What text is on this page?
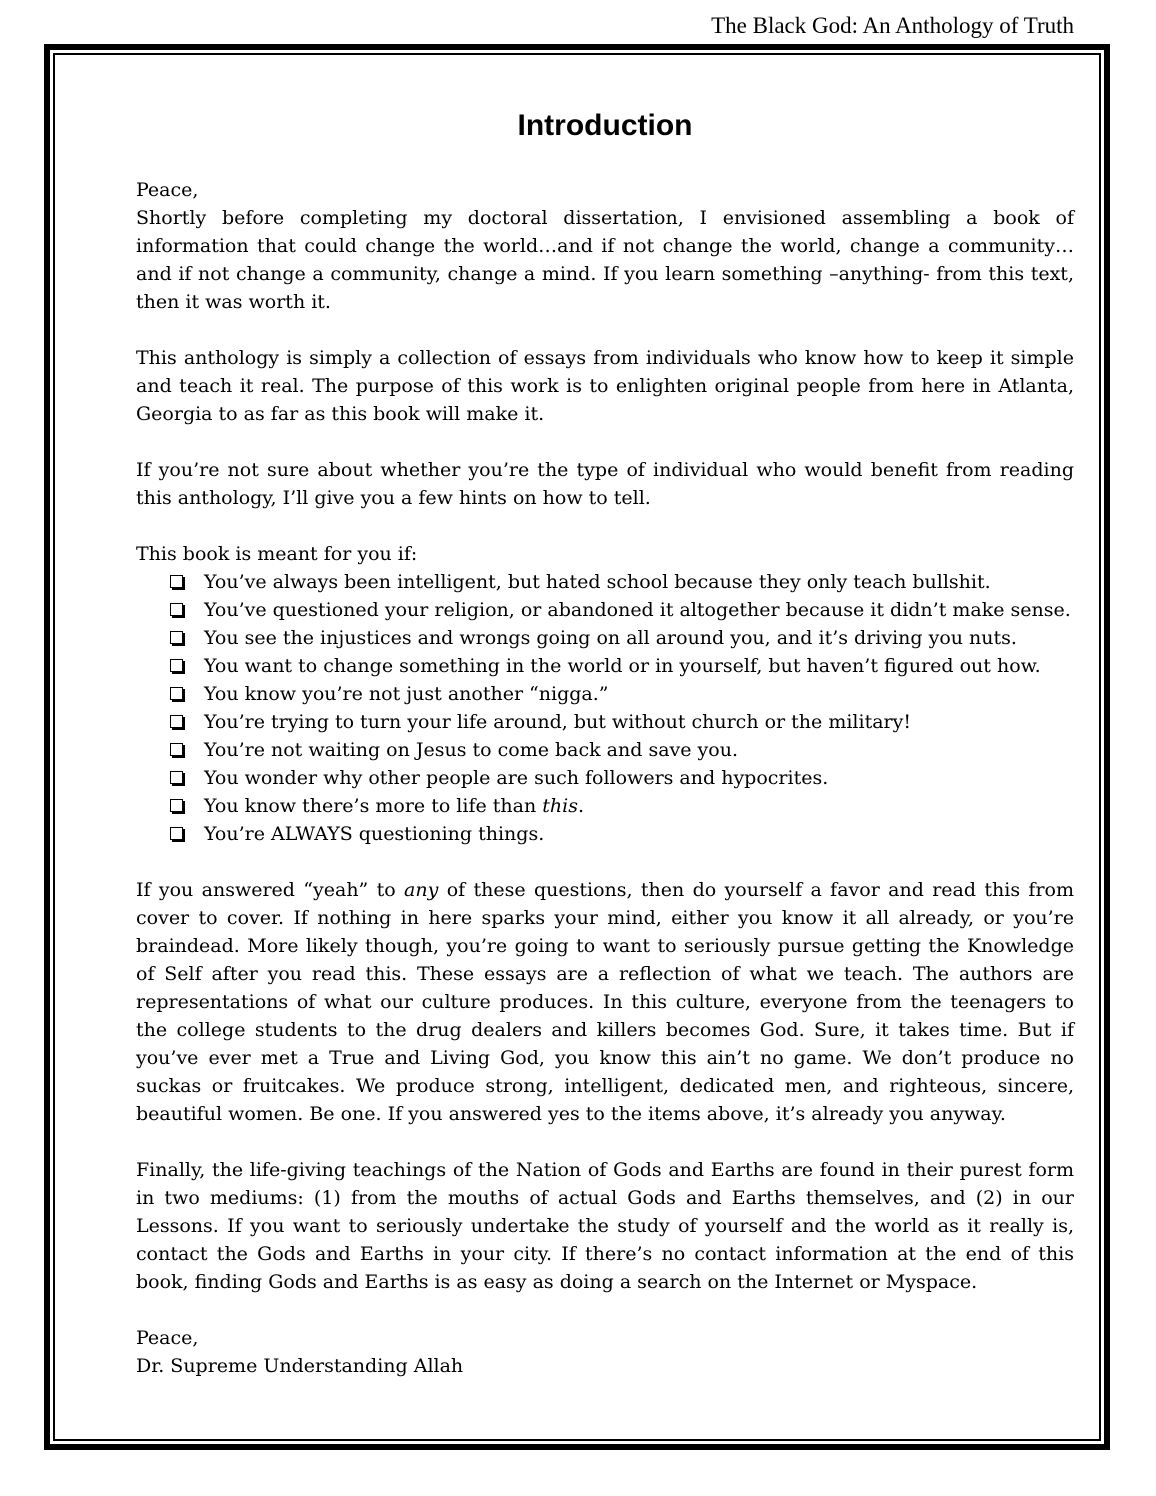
The Black God: An Anthology of Truth
Introduction

Peace,

Shortly before completing my doctoral dissertation, I envisioned assembling a book of information that could change the world…and if not change the world, change a community…and if not change a community, change a mind. If you learn something –anything- from this text, then it was worth it.

This anthology is simply a collection of essays from individuals who know how to keep it simple and teach it real. The purpose of this work is to enlighten original people from here in Atlanta, Georgia to as far as this book will make it.

If you’re not sure about whether you’re the type of individual who would benefit from reading this anthology, I’ll give you a few hints on how to tell.

This book is meant for you if:

You’ve always been intelligent, but hated school because they only teach bullshit.
You’ve questioned your religion, or abandoned it altogether because it didn’t make sense.
You see the injustices and wrongs going on all around you, and it’s driving you nuts.
You want to change something in the world or in yourself, but haven’t figured out how.
You know you’re not just another “nigga.”
You’re trying to turn your life around, but without church or the military!
You’re not waiting on Jesus to come back and save you.
You wonder why other people are such followers and hypocrites.
You know there’s more to life than this.
You’re ALWAYS questioning things.

If you answered “yeah” to any of these questions, then do yourself a favor and read this from cover to cover. If nothing in here sparks your mind, either you know it all already, or you’re braindead. More likely though, you’re going to want to seriously pursue getting the Knowledge of Self after you read this. These essays are a reflection of what we teach. The authors are representations of what our culture produces. In this culture, everyone from the teenagers to the college students to the drug dealers and killers becomes God. Sure, it takes time. But if you’ve ever met a True and Living God, you know this ain’t no game. We don’t produce no suckas or fruitcakes. We produce strong, intelligent, dedicated men, and righteous, sincere, beautiful women. Be one. If you answered yes to the items above, it’s already you anyway.

Finally, the life-giving teachings of the Nation of Gods and Earths are found in their purest form in two mediums: (1) from the mouths of actual Gods and Earths themselves, and (2) in our Lessons. If you want to seriously undertake the study of yourself and the world as it really is, contact the Gods and Earths in your city. If there’s no contact information at the end of this book, finding Gods and Earths is as easy as doing a search on the Internet or Myspace.

Peace,

Dr. Supreme Understanding Allah
